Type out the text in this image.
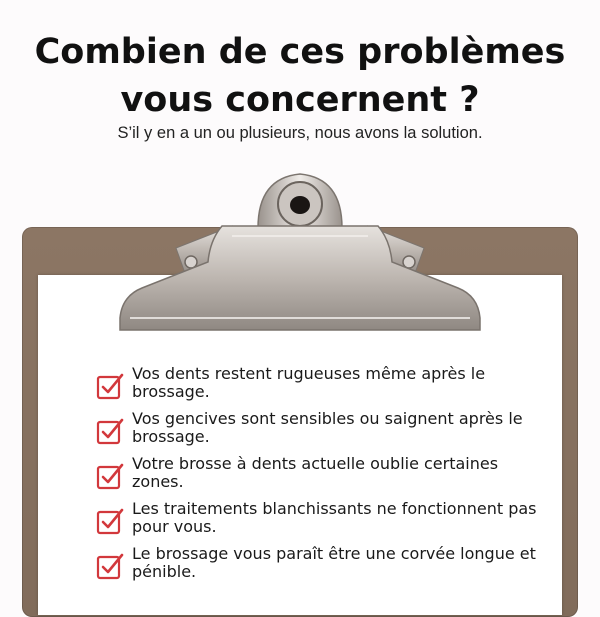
Combien de ces problèmes
vous concernent ?
S’il y en a un ou plusieurs, nous avons la solution.
Vos dents restent rugueuses même après le brossage.
Vos gencives sont sensibles ou saignent après le brossage.
Votre brosse à dents actuelle oublie certaines zones.
Les traitements blanchissants ne fonctionnent pas pour vous.
Le brossage vous paraît être une corvée longue et pénible.
